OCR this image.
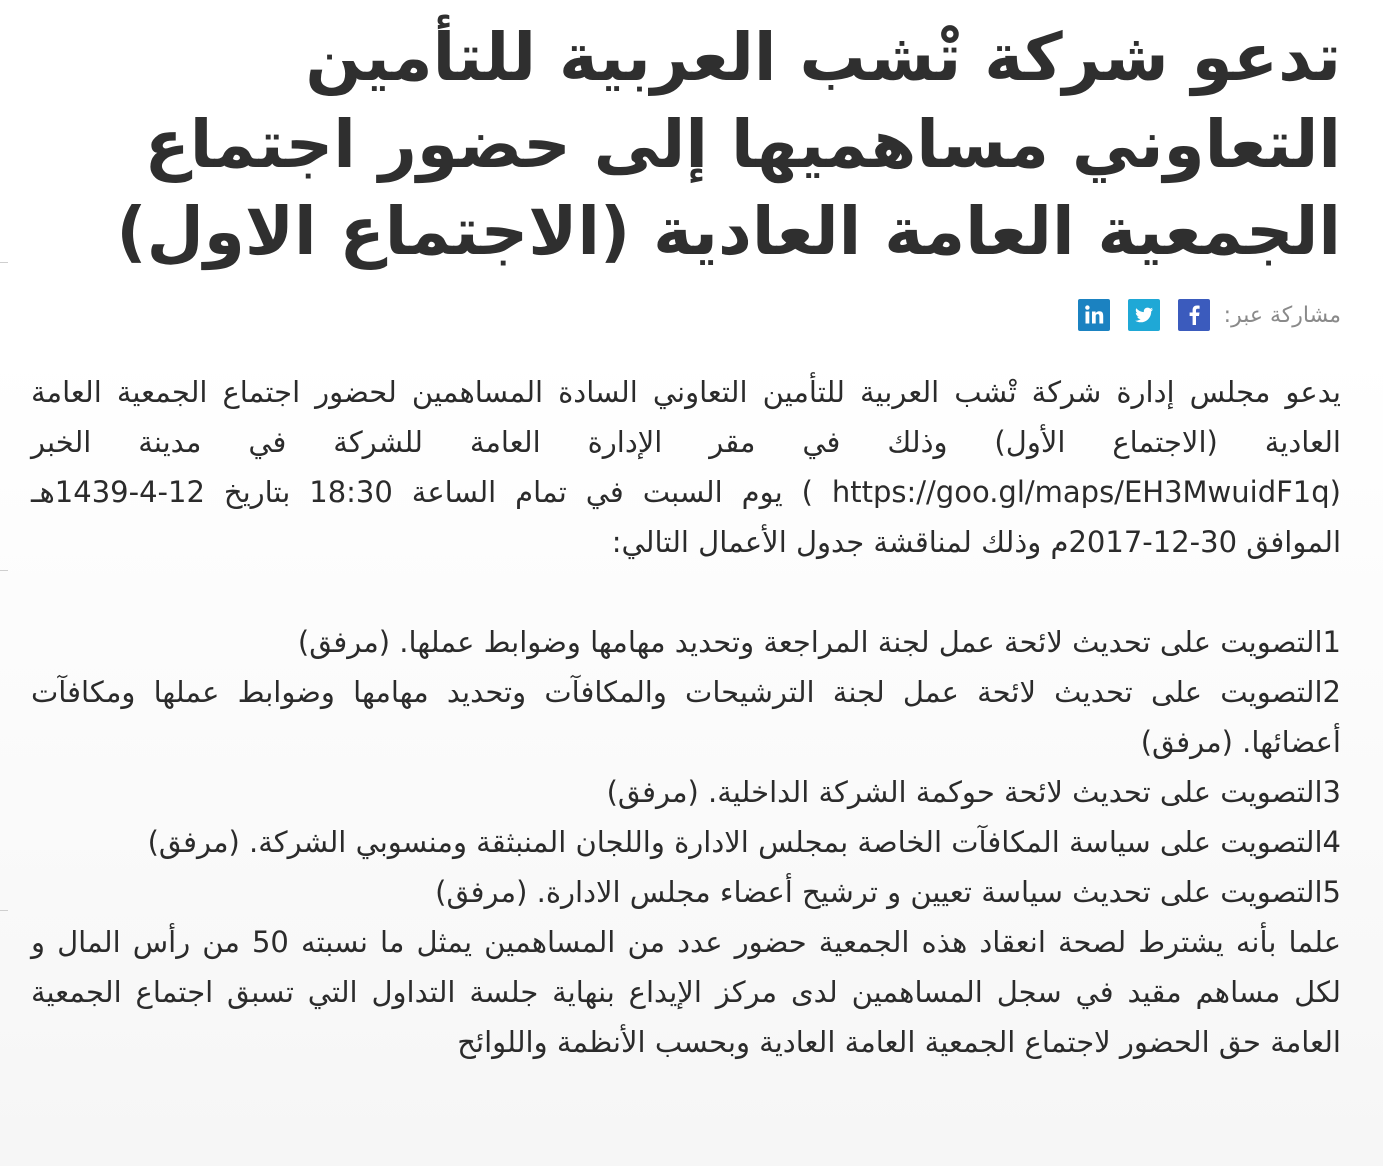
تدعو شركة تْشب العربية للتأمين التعاوني مساهميها إلى حضور اجتماع الجمعية العامة العادية (الاجتماع الاول)
مشاركة عبر:

يدعو مجلس إدارة شركة تْشب العربية للتأمين التعاوني السادة المساهمين لحضور اجتماع الجمعية العامة العادية (الاجتماع الأول) وذلك في مقر الإدارة العامة للشركة في مدينة الخبر (https://goo.gl/maps/EH3MwuidF1q ) يوم السبت في تمام الساعة 18:30 بتاريخ 12-4-1439هـ الموافق 30-12-2017م وذلك لمناقشة جدول الأعمال التالي:

1التصويت على تحديث لائحة عمل لجنة المراجعة وتحديد مهامها وضوابط عملها. (مرفق)

2التصويت على تحديث لائحة عمل لجنة الترشيحات والمكافآت وتحديد مهامها وضوابط عملها ومكافآت أعضائها. (مرفق)

3التصويت على تحديث لائحة حوكمة الشركة الداخلية. (مرفق)

4التصويت على سياسة المكافآت الخاصة بمجلس الادارة واللجان المنبثقة ومنسوبي الشركة. (مرفق)

5التصويت على تحديث سياسة تعيين و ترشيح أعضاء مجلس الادارة. (مرفق)

علما بأنه يشترط لصحة انعقاد هذه الجمعية حضور عدد من المساهمين يمثل ما نسبته 50 من رأس المال و لكل مساهم مقيد في سجل المساهمين لدى مركز الإيداع بنهاية جلسة التداول التي تسبق اجتماع الجمعية العامة حق الحضور لاجتماع الجمعية العامة العادية وبحسب الأنظمة واللوائح
